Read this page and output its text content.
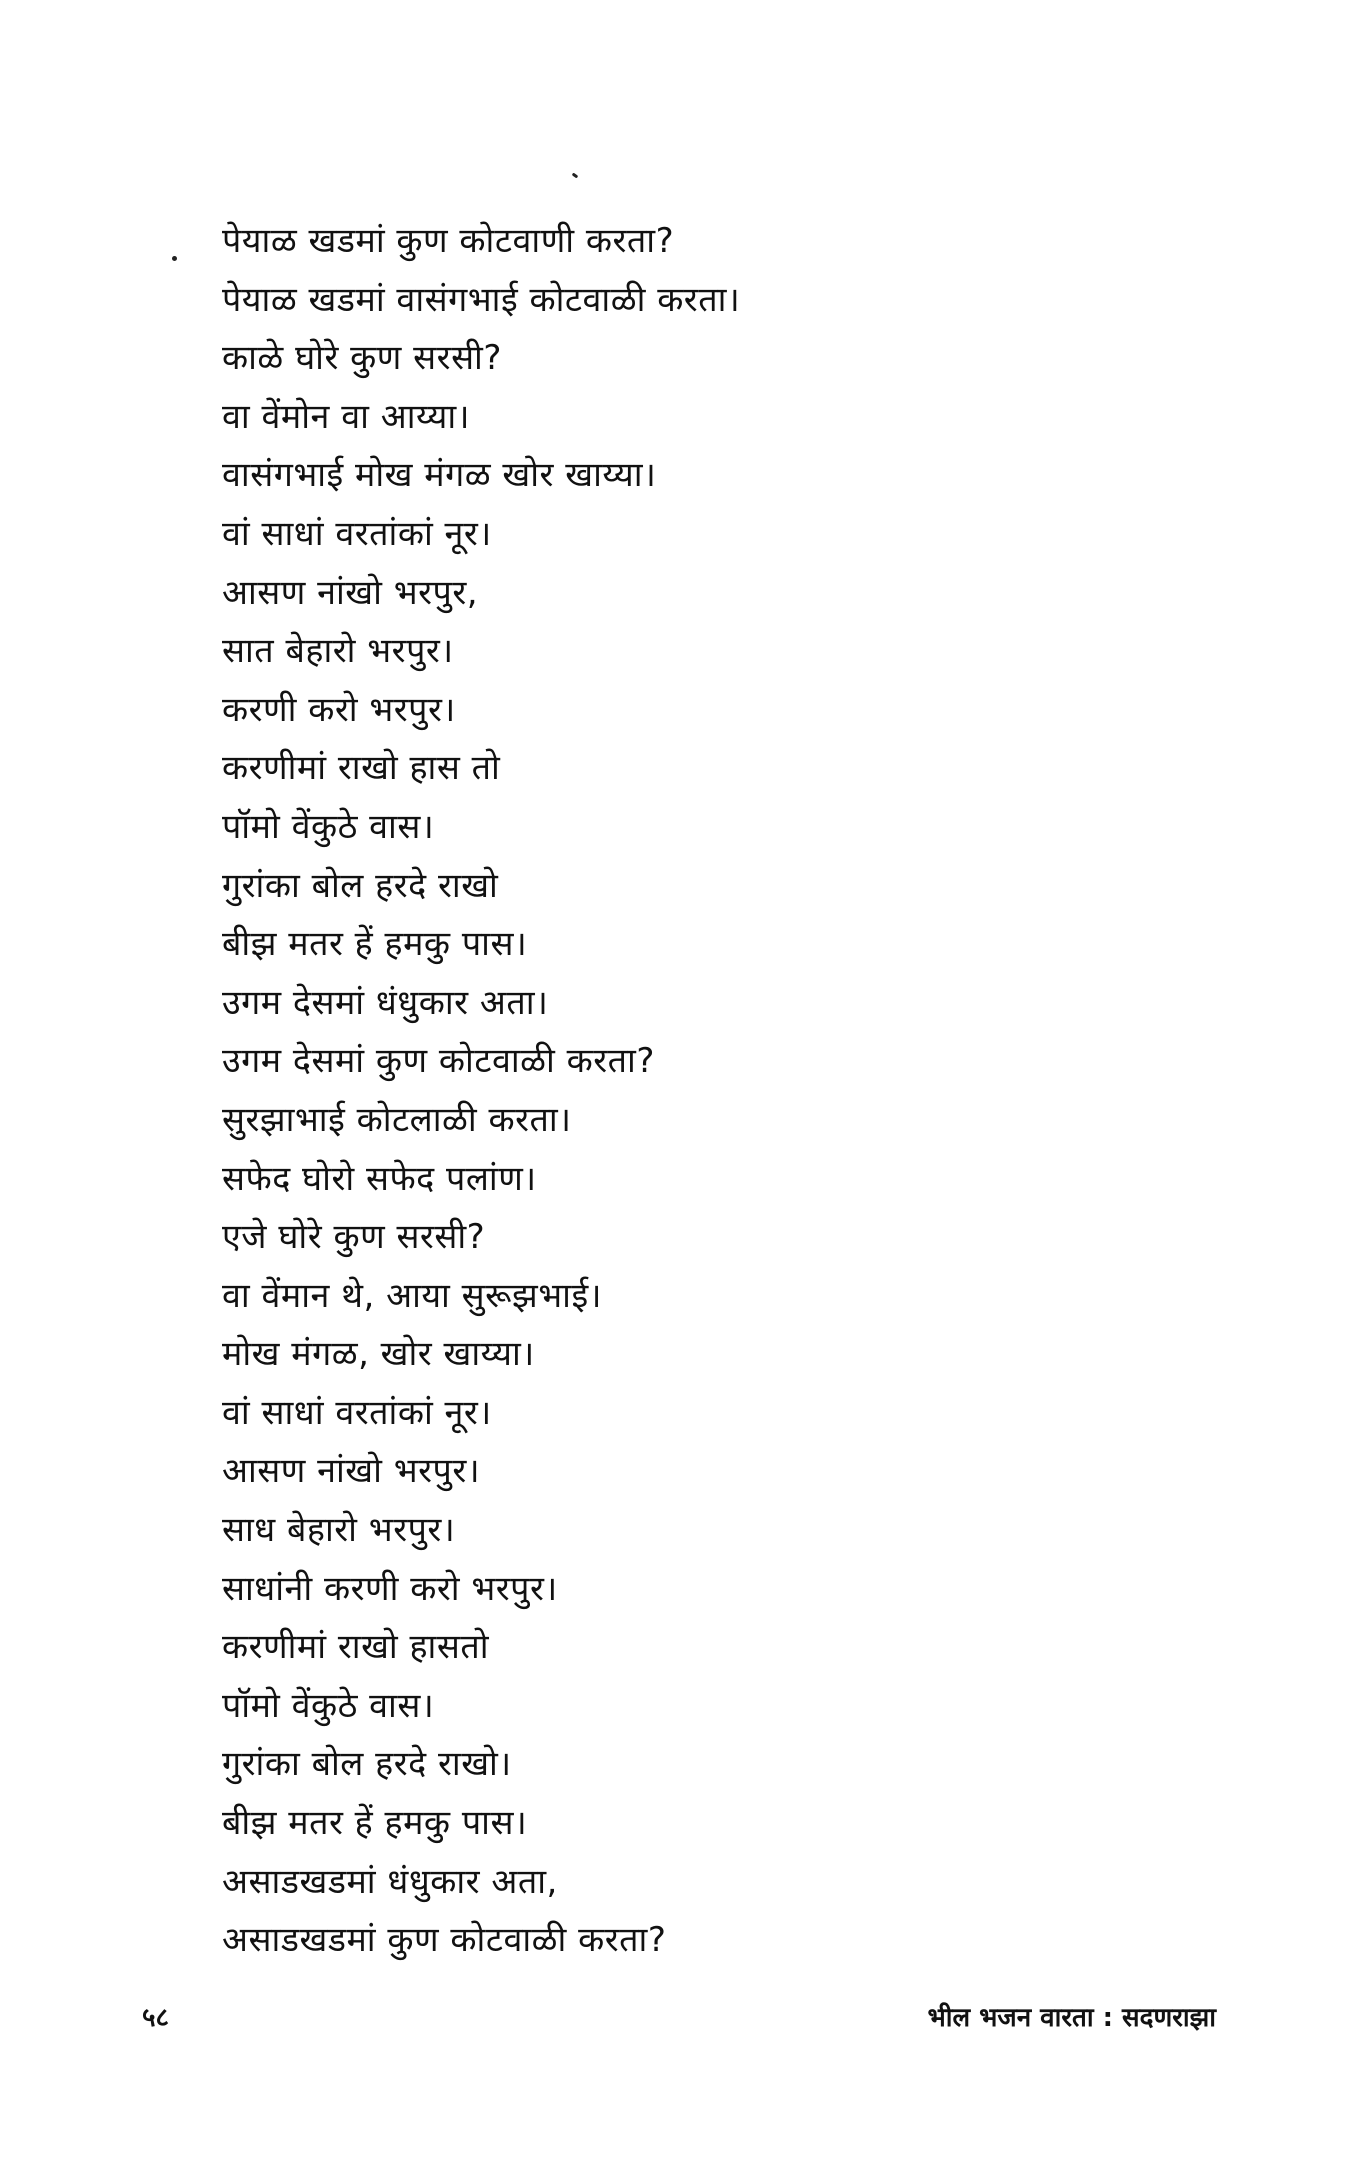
पेयाळ खडमां कुण कोटवाणी करता?
पेयाळ खडमां वासंगभाई कोटवाळी करता।
काळे घोरे कुण सरसी?
वा वेंमोन वा आय्या।
वासंगभाई मोख मंगळ खोर खाय्या।
वां साधां वरतांकां नूर।
आसण नांखो भरपुर,
सात बेहारो भरपुर।
करणी करो भरपुर।
करणीमां राखो हास तो
पॉमो वेंकुठे वास।
गुरांका बोल हरदे राखो
बीझ मतर हें हमकु पास।
उगम देसमां धंधुकार अता।
उगम देसमां कुण कोटवाळी करता?
सुरझाभाई कोटलाळी करता।
सफेद घोरो सफेद पलांण।
एजे घोरे कुण सरसी?
वा वेंमान थे, आया सुरूझभाई।
मोख मंगळ, खोर खाय्या।
वां साधां वरतांकां नूर।
आसण नांखो भरपुर।
साध बेहारो भरपुर।
साधांनी करणी करो भरपुर।
करणीमां राखो हासतो
पॉमो वेंकुठे वास।
गुरांका बोल हरदे राखो।
बीझ मतर हें हमकु पास।
असाडखडमां धंधुकार अता,
असाडखडमां कुण कोटवाळी करता?
५८	भील भजन वारता : सदणराझा
